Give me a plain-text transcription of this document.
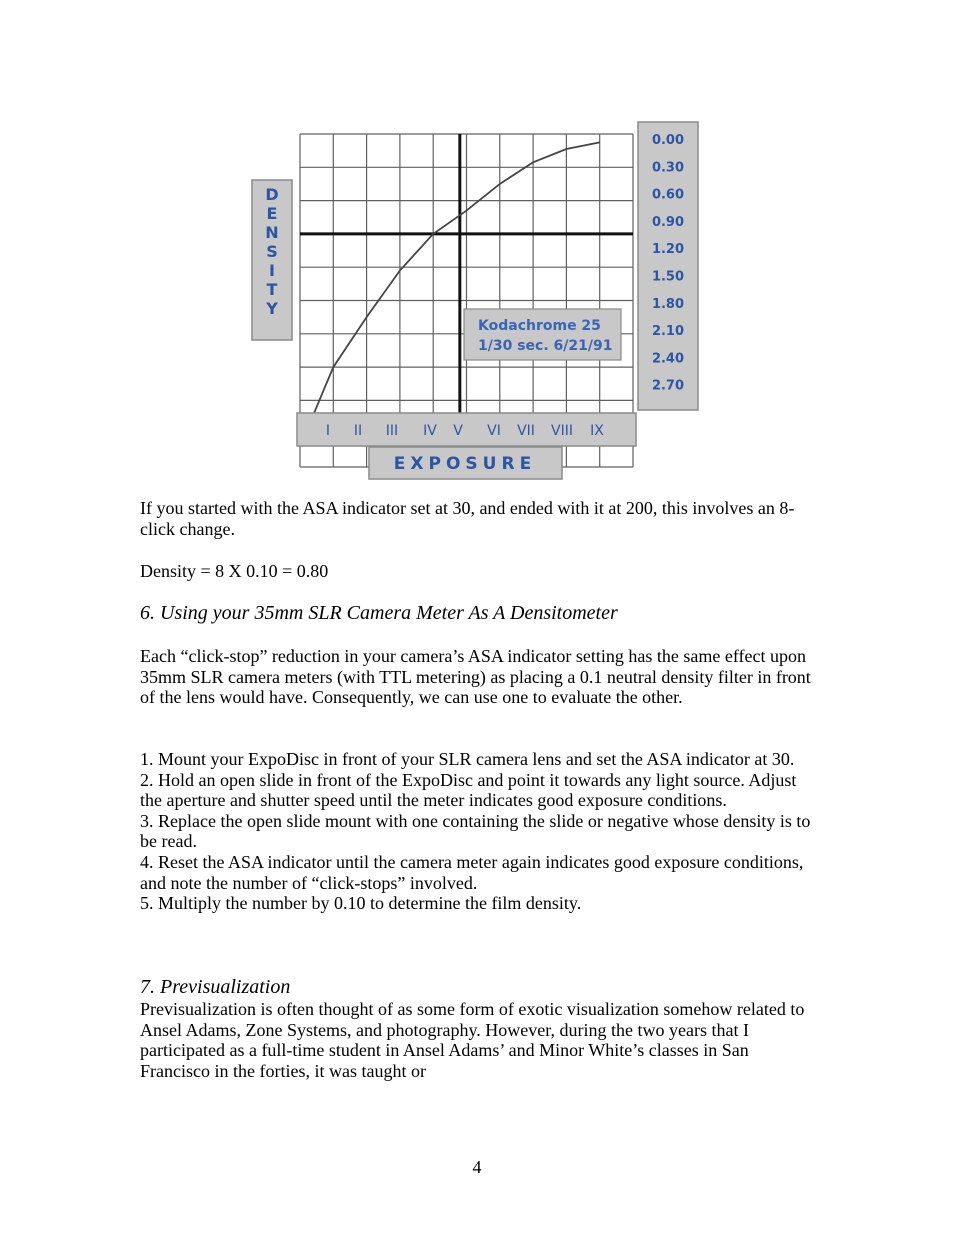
D
E
N
S
I
T
Y
Kodachrome 25
1/30 sec. 6/21/91
0.00
0.30
0.60
0.90
1.20
1.50
1.80
2.10
2.40
2.70
I II III IV V VI VII VIII IX
EXPOSURE

If you started with the ASA indicator set at 30, and ended with it at 200, this involves an 8-click change.

Density = 8 X 0.10 = 0.80

6. Using your 35mm SLR Camera Meter As A Densitometer

Each “click-stop” reduction in your camera’s ASA indicator setting has the same effect upon 35mm SLR camera meters (with TTL metering) as placing a 0.1 neutral density filter in front of the lens would have. Consequently, we can use one to evaluate the other.

1. Mount your ExpoDisc in front of your SLR camera lens and set the ASA indicator at 30.
2. Hold an open slide in front of the ExpoDisc and point it towards any light source. Adjust the aperture and shutter speed until the meter indicates good exposure conditions.
3. Replace the open slide mount with one containing the slide or negative whose density is to be read.
4. Reset the ASA indicator until the camera meter again indicates good exposure conditions, and note the number of “click-stops” involved.
5. Multiply the number by 0.10 to determine the film density.

7. Previsualization

Previsualization is often thought of as some form of exotic visualization somehow related to Ansel Adams, Zone Systems, and photography. However, during the two years that I participated as a full-time student in Ansel Adams’ and Minor White’s classes in San Francisco in the forties, it was taught or

4
